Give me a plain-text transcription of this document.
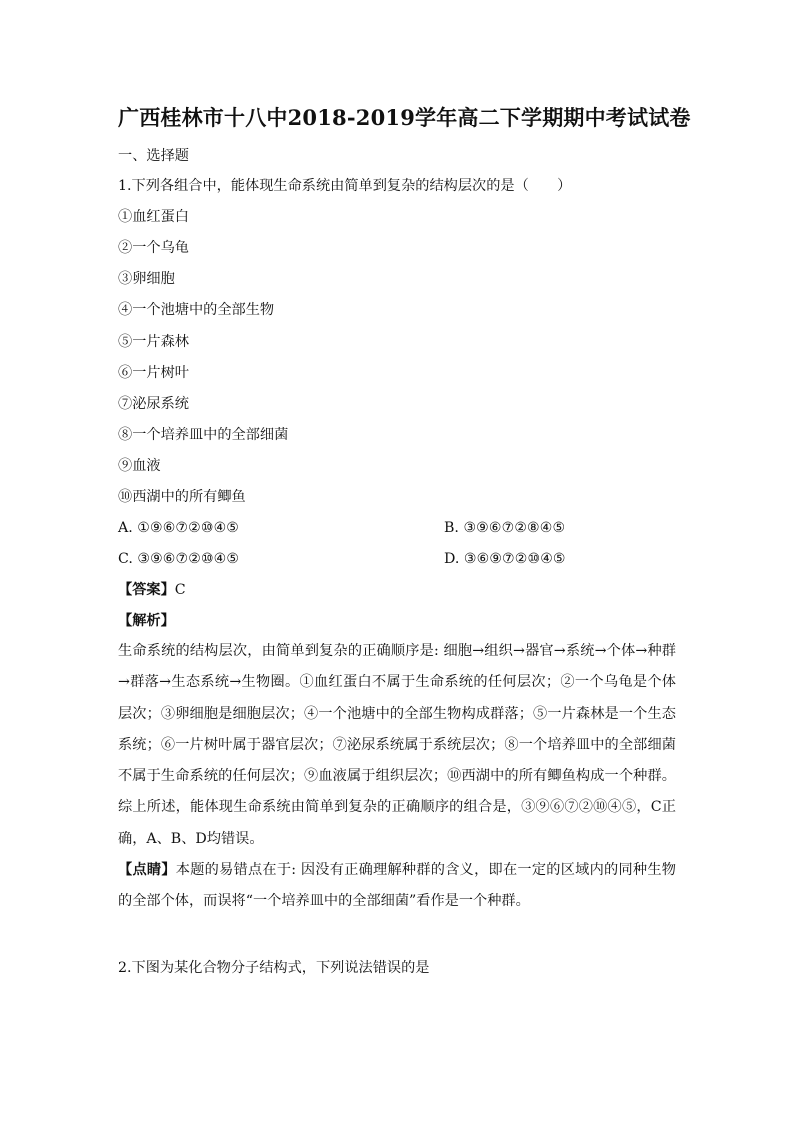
广西桂林市十八中2018-2019学年高二下学期期中考试试卷
一、选择题
1.下列各组合中，能体现生命系统由简单到复杂的结构层次的是（　　）
①血红蛋白
②一个乌龟
③卵细胞
④一个池塘中的全部生物
⑤一片森林
⑥一片树叶
⑦泌尿系统
⑧一个培养皿中的全部细菌
⑨血液
⑩西湖中的所有鲫鱼
A. ①⑨⑥⑦②⑩④⑤	B. ③⑨⑥⑦②⑧④⑤
C. ③⑨⑥⑦②⑩④⑤	D. ③⑥⑨⑦②⑩④⑤
【答案】C
【解析】
生命系统的结构层次，由简单到复杂的正确顺序是: 细胞→组织→器官→系统→个体→种群→群落→生态系统→生物圈。①血红蛋白不属于生命系统的任何层次；②一个乌龟是个体层次；③卵细胞是细胞层次；④一个池塘中的全部生物构成群落；⑤一片森林是一个生态系统；⑥一片树叶属于器官层次；⑦泌尿系统属于系统层次；⑧一个培养皿中的全部细菌不属于生命系统的任何层次；⑨血液属于组织层次；⑩西湖中的所有鲫鱼构成一个种群。综上所述，能体现生命系统由简单到复杂的正确顺序的组合是，③⑨⑥⑦②⑩④⑤，C正确，A、B、D均错误。
【点睛】本题的易错点在于: 因没有正确理解种群的含义，即在一定的区域内的同种生物的全部个体，而误将“一个培养皿中的全部细菌”看作是一个种群。
2.下图为某化合物分子结构式，下列说法错误的是
